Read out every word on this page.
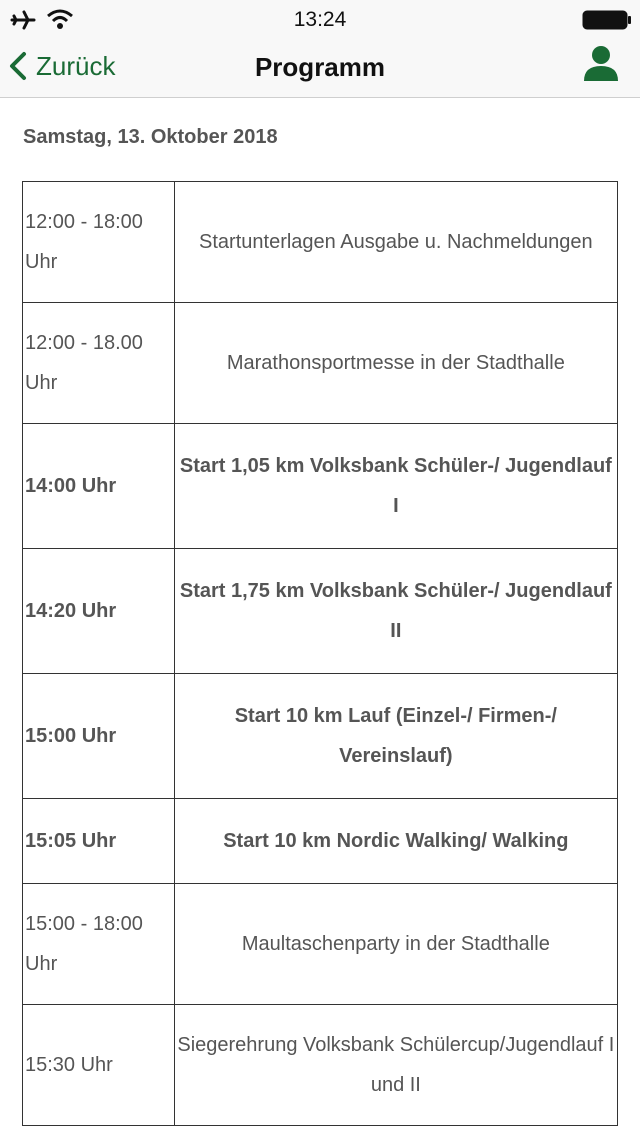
13:24
Zurück	Programm
Samstag, 13. Oktober 2018
12:00 - 18:00 Uhr	Startunterlagen Ausgabe u. Nachmeldungen
12:00 - 18.00 Uhr	Marathonsportmesse in der Stadthalle
14:00 Uhr	Start 1,05 km Volksbank Schüler-/ Jugendlauf I
14:20 Uhr	Start 1,75 km Volksbank Schüler-/ Jugendlauf II
15:00 Uhr	Start 10 km Lauf (Einzel-/ Firmen-/ Vereinslauf)
15:05 Uhr	Start 10 km Nordic Walking/ Walking
15:00 - 18:00 Uhr	Maultaschenparty in der Stadthalle
15:30 Uhr	Siegerehrung Volksbank Schülercup/Jugendlauf I und II
